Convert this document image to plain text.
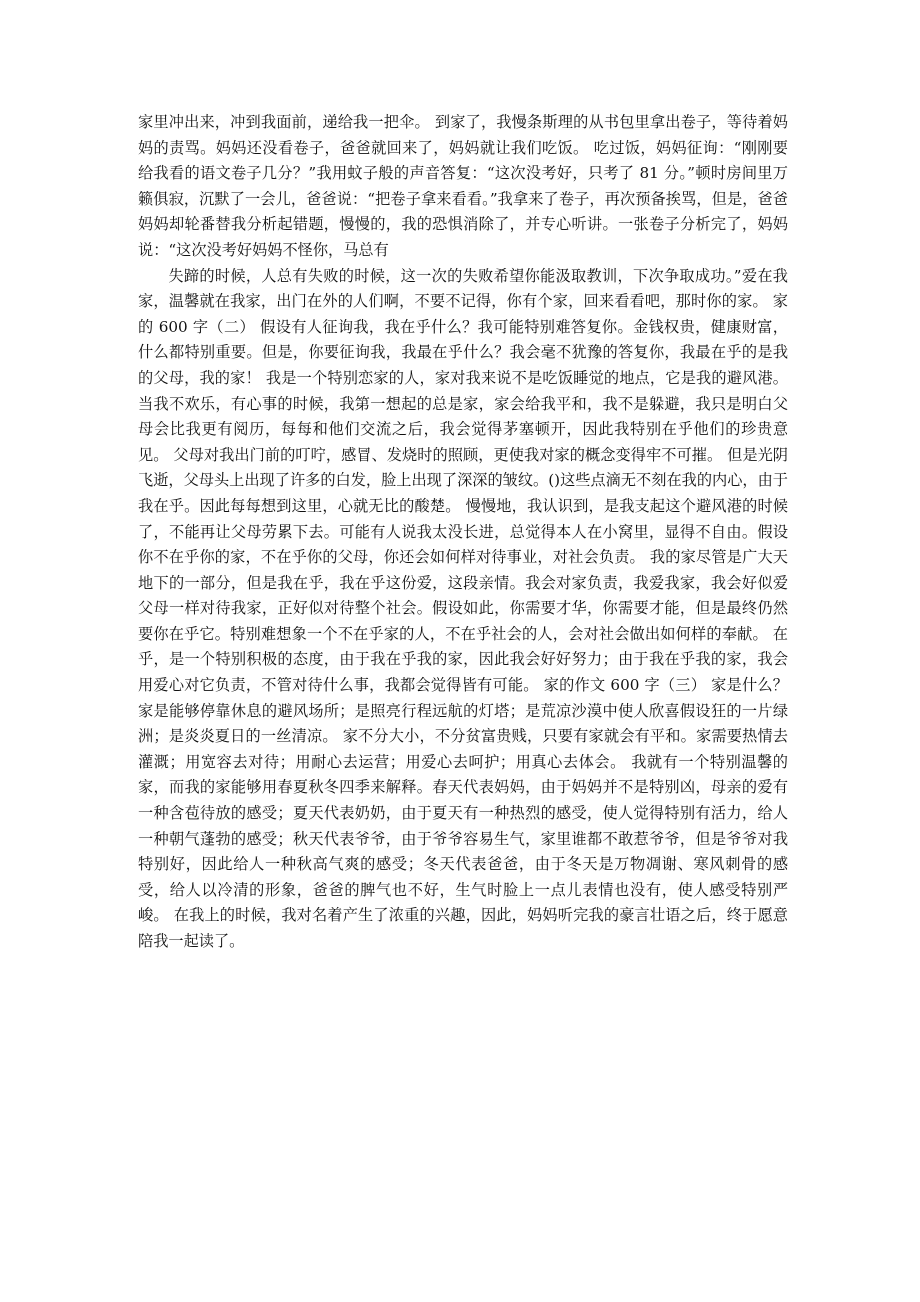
家里冲出来，冲到我面前，递给我一把伞。 到家了，我慢条斯理的从书包里拿出卷子，等待着妈妈的责骂。妈妈还没看卷子，爸爸就回来了，妈妈就让我们吃饭。 吃过饭，妈妈征询：“刚刚要给我看的语文卷子几分？”我用蚊子般的声音答复：“这次没考好，只考了 81 分。”顿时房间里万籁俱寂，沉默了一会儿，爸爸说：“把卷子拿来看看。”我拿来了卷子，再次预备挨骂，但是，爸爸妈妈却轮番替我分析起错题，慢慢的，我的恐惧消除了，并专心听讲。一张卷子分析完了，妈妈说：“这次没考好妈妈不怪你，马总有

失蹄的时候，人总有失败的时候，这一次的失败希望你能汲取教训，下次争取成功。”爱在我家，温馨就在我家，出门在外的人们啊，不要不记得，你有个家，回来看看吧，那时你的家。 家的 600 字（二） 假设有人征询我，我在乎什么？我可能特别难答复你。金钱权贵，健康财富，什么都特别重要。但是，你要征询我，我最在乎什么？我会毫不犹豫的答复你，我最在乎的是我的父母，我的家！ 我是一个特别恋家的人，家对我来说不是吃饭睡觉的地点，它是我的避风港。当我不欢乐，有心事的时候，我第一想起的总是家，家会给我平和，我不是躲避，我只是明白父母会比我更有阅历，每每和他们交流之后，我会觉得茅塞顿开，因此我特别在乎他们的珍贵意见。 父母对我出门前的叮咛，感冒、发烧时的照顾，更使我对家的概念变得牢不可摧。 但是光阴飞逝，父母头上出现了许多的白发，脸上出现了深深的皱纹。()这些点滴无不刻在我的内心，由于我在乎。因此每每想到这里，心就无比的酸楚。 慢慢地，我认识到，是我支起这个避风港的时候了，不能再让父母劳累下去。可能有人说我太没长进，总觉得本人在小窝里，显得不自由。假设你不在乎你的家，不在乎你的父母，你还会如何样对待事业，对社会负责。 我的家尽管是广大天地下的一部分，但是我在乎，我在乎这份爱，这段亲情。我会对家负责，我爱我家，我会好似爱父母一样对待我家，正好似对待整个社会。假设如此，你需要才华，你需要才能，但是最终仍然要你在乎它。特别难想象一个不在乎家的人，不在乎社会的人，会对社会做出如何样的奉献。 在乎，是一个特别积极的态度，由于我在乎我的家，因此我会好好努力；由于我在乎我的家，我会用爱心对它负责，不管对待什么事，我都会觉得皆有可能。 家的作文 600 字（三） 家是什么？家是能够停靠休息的避风场所；是照亮行程远航的灯塔；是荒凉沙漠中使人欣喜假设狂的一片绿洲；是炎炎夏日的一丝清凉。 家不分大小，不分贫富贵贱，只要有家就会有平和。家需要热情去灌溉；用宽容去对待；用耐心去运营；用爱心去呵护；用真心去体会。 我就有一个特别温馨的家，而我的家能够用春夏秋冬四季来解释。春天代表妈妈，由于妈妈并不是特别凶，母亲的爱有一种含苞待放的感受；夏天代表奶奶，由于夏天有一种热烈的感受，使人觉得特别有活力，给人一种朝气蓬勃的感受；秋天代表爷爷，由于爷爷容易生气，家里谁都不敢惹爷爷，但是爷爷对我特别好，因此给人一种秋高气爽的感受；冬天代表爸爸，由于冬天是万物凋谢、寒风刺骨的感受，给人以冷清的形象，爸爸的脾气也不好，生气时脸上一点儿表情也没有，使人感受特别严峻。 在我上的时候，我对名着产生了浓重的兴趣，因此，妈妈听完我的豪言壮语之后，终于愿意陪我一起读了。
